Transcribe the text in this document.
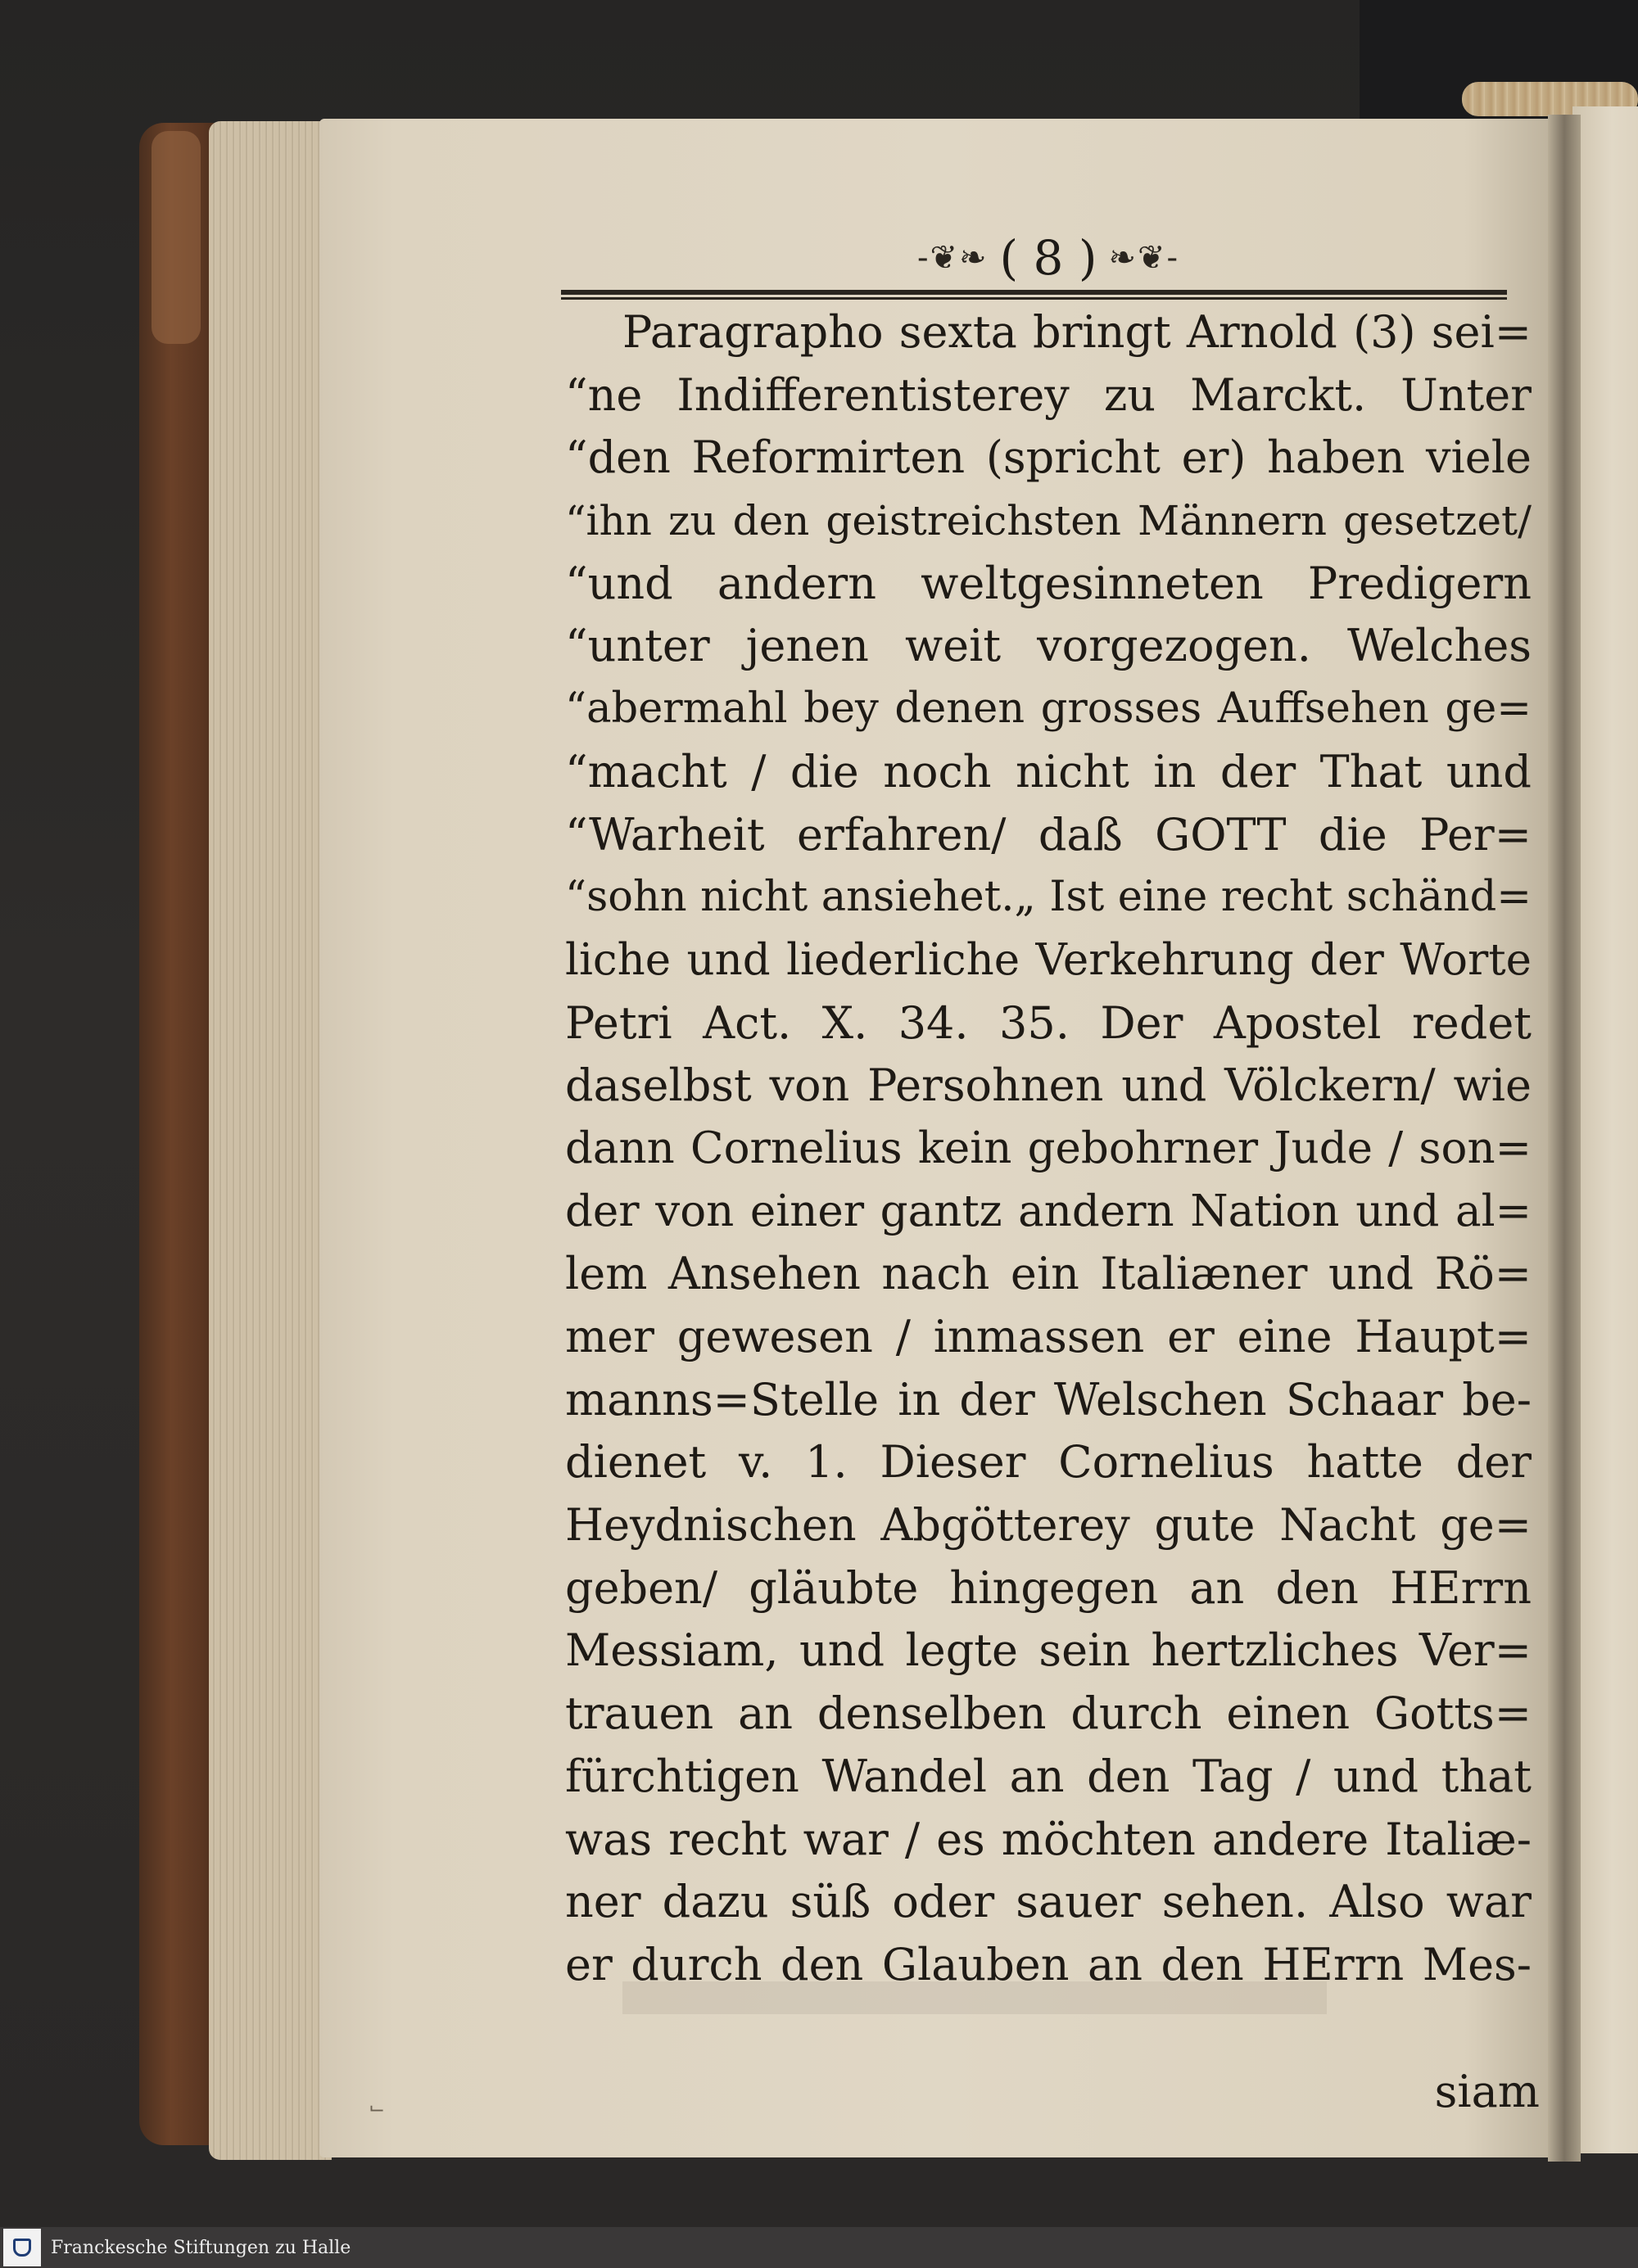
-❦❧ ( 8 ) ❧❦-
Paragrapho sexta bringt Arnold (3) sei=
“ne Indifferentisterey zu Marckt. Unter
“den Reformirten (spricht er) haben viele
“ihn zu den geistreichsten Männern gesetzet/
“und andern weltgesinneten Predigern
“unter jenen weit vorgezogen. Welches
“abermahl bey denen grosses Auffsehen ge=
“macht / die noch nicht in der That und
“Warheit erfahren/ daß GOTT die Per=
“sohn nicht ansiehet.„ Ist eine recht schänd=
liche und liederliche Verkehrung der Worte
Petri Act. X. 34. 35. Der Apostel redet
daselbst von Persohnen und Völckern/ wie
dann Cornelius kein gebohrner Jude / son=
der von einer gantz andern Nation und al=
lem Ansehen nach ein Italiæner und Rö=
mer gewesen / inmassen er eine Haupt=
manns=Stelle in der Welschen Schaar be-
dienet v. 1. Dieser Cornelius hatte der
Heydnischen Abgötterey gute Nacht ge=
geben/ gläubte hingegen an den HErrn
Messiam, und legte sein hertzliches Ver=
trauen an denselben durch einen Gotts=
fürchtigen Wandel an den Tag / und that
was recht war / es möchten andere Italiæ-
ner dazu süß oder sauer sehen. Also war
er durch den Glauben an den HErrn Mes-
siam
⌙
Franckesche Stiftungen zu Halle
